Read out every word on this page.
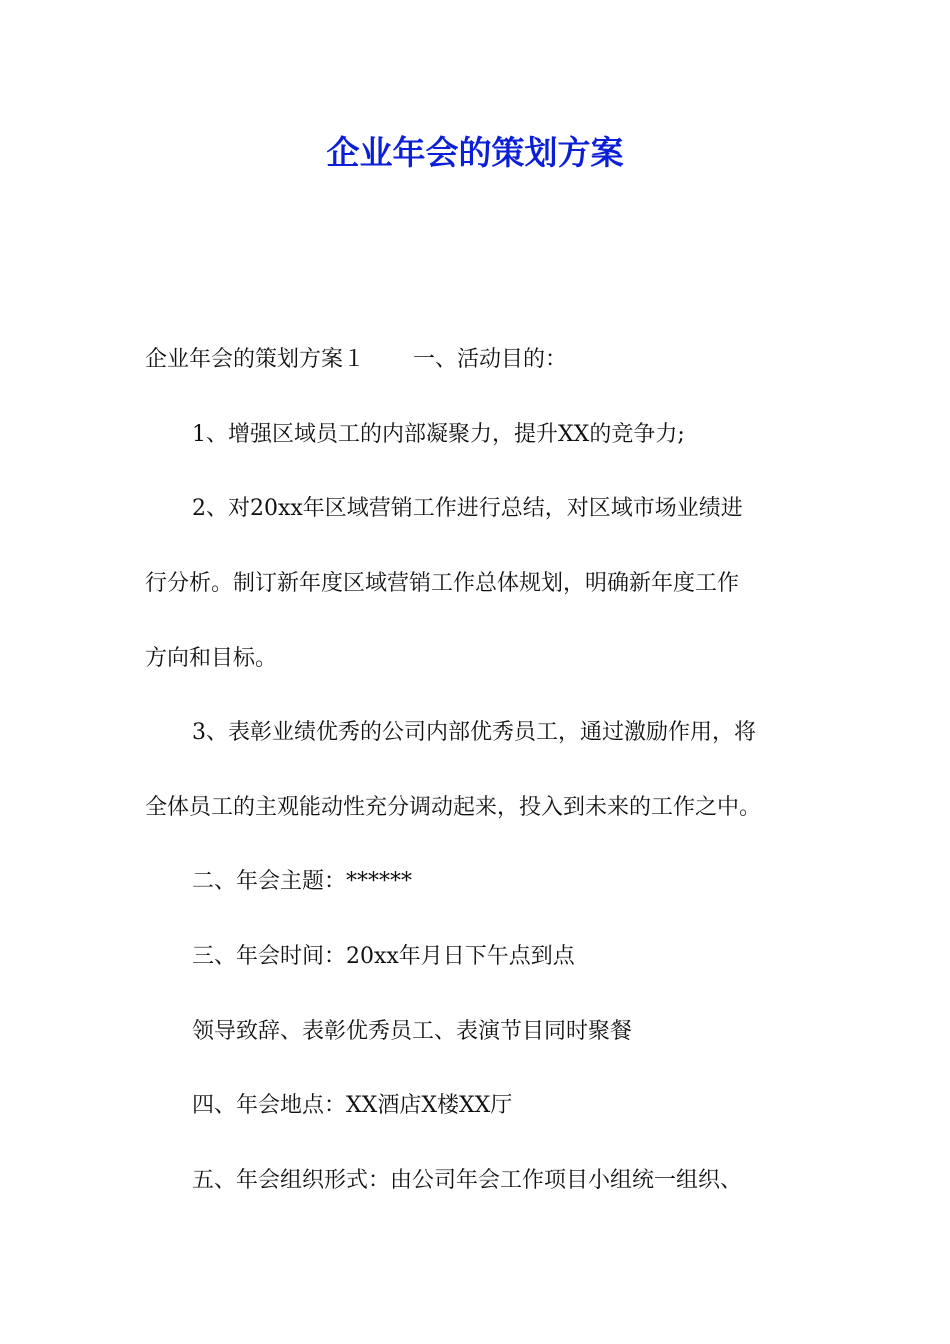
企业年会的策划方案
企业年会的策划方案１ 一、活动目的：
1、增强区域员工的内部凝聚力，提升XX的竞争力;
2、对20xx年区域营销工作进行总结，对区域市场业绩进
行分析。制订新年度区域营销工作总体规划，明确新年度工作
方向和目标。
3、表彰业绩优秀的公司内部优秀员工，通过激励作用，将
全体员工的主观能动性充分调动起来，投入到未来的工作之中。
二、年会主题：******
三、年会时间：20xx年月日下午点到点
领导致辞、表彰优秀员工、表演节目同时聚餐
四、年会地点：XX酒店X楼XX厅
五、年会组织形式：由公司年会工作项目小组统一组织、
